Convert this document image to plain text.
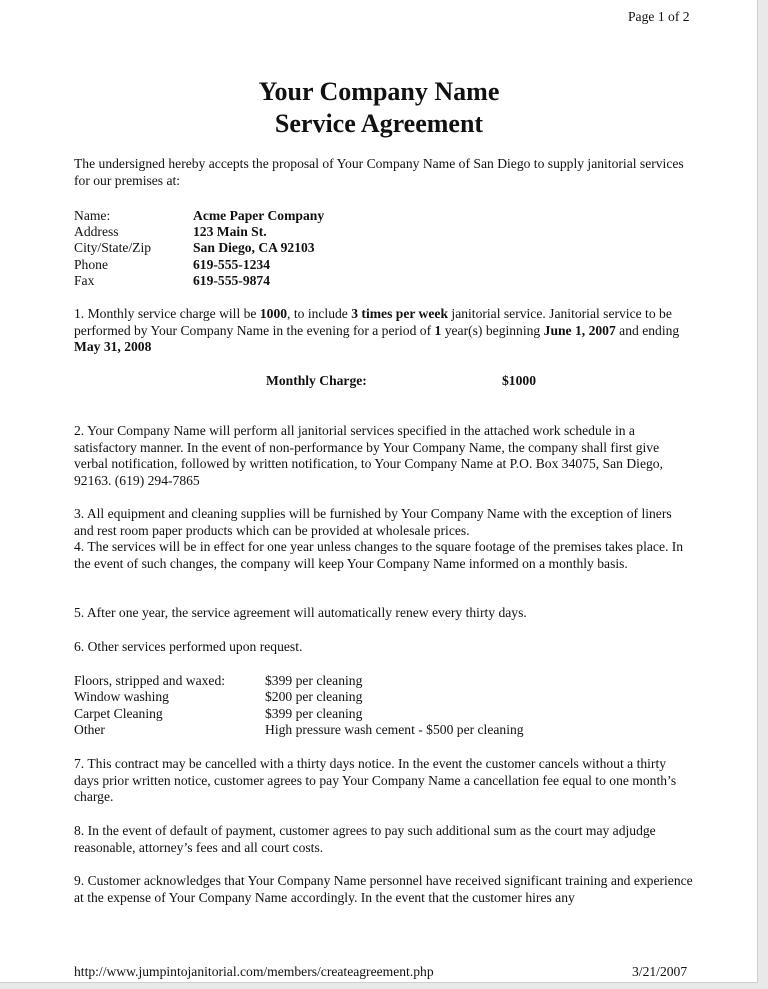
Page 1 of 2
Your Company Name
Service Agreement
The undersigned hereby accepts the proposal of Your Company Name of San Diego to supply janitorial services for our premises at:
Name:	Acme Paper Company
Address	123 Main St.
City/State/Zip	San Diego, CA 92103
Phone	619-555-1234
Fax	619-555-9874
1. Monthly service charge will be 1000, to include 3 times per week janitorial service. Janitorial service to be performed by Your Company Name in the evening for a period of 1 year(s) beginning June 1, 2007 and ending May 31, 2008
Monthly Charge:	$1000
2. Your Company Name will perform all janitorial services specified in the attached work schedule in a satisfactory manner. In the event of non-performance by Your Company Name, the company shall first give verbal notification, followed by written notification, to Your Company Name at P.O. Box 34075, San Diego, 92163. (619) 294-7865
3. All equipment and cleaning supplies will be furnished by Your Company Name with the exception of liners and rest room paper products which can be provided at wholesale prices.
4. The services will be in effect for one year unless changes to the square footage of the premises takes place. In the event of such changes, the company will keep Your Company Name informed on a monthly basis.
5. After one year, the service agreement will automatically renew every thirty days.
6. Other services performed upon request.
Floors, stripped and waxed:	$399 per cleaning
Window washing	$200 per cleaning
Carpet Cleaning	$399 per cleaning
Other	High pressure wash cement - $500 per cleaning
7. This contract may be cancelled with a thirty days notice. In the event the customer cancels without a thirty days prior written notice, customer agrees to pay Your Company Name a cancellation fee equal to one month’s charge.
8. In the event of default of payment, customer agrees to pay such additional sum as the court may adjudge reasonable, attorney’s fees and all court costs.
9. Customer acknowledges that Your Company Name personnel have received significant training and experience at the expense of Your Company Name accordingly. In the event that the customer hires any
http://www.jumpintojanitorial.com/members/createagreement.php	3/21/2007
